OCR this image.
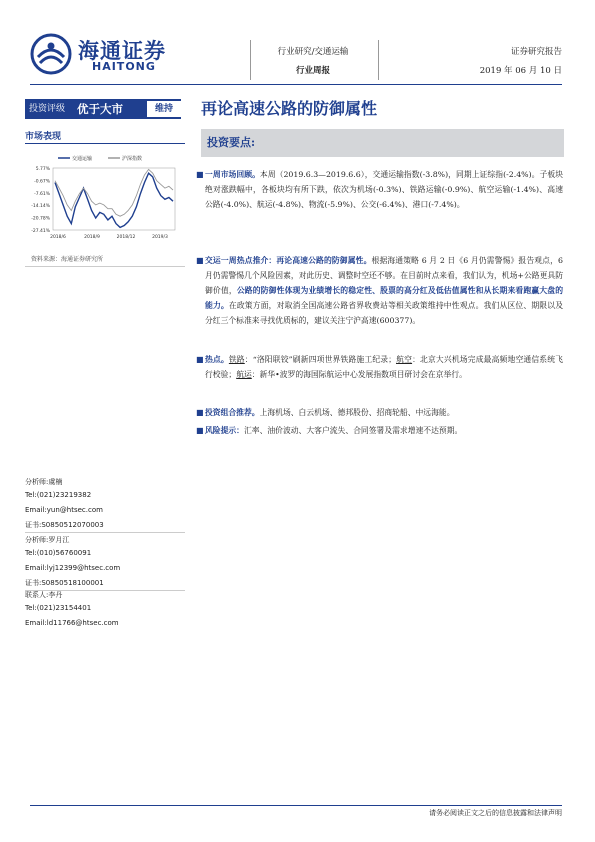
海通证券
HAITONG
行业研究/交通运输
行业周报
证券研究报告
2019 年 06 月 10 日
投资评级 优于大市	维持	再论高速公路的防御属性
投资要点:
市场表现
5.77%
-0.67%
-7.61%
-14.14%
-20.78%
-27.41%
2018/6	2018/9	2018/12	2019/3
交通运输	沪深指数
资料来源：海通证券研究所
■ 一周市场回顾。本周（2019.6.3—2019.6.6），交通运输指数(-3.8%)，同期上证综指(-2.4%)。子板块绝对涨跌幅中，各板块均有所下跌，依次为机场(-0.3%)、铁路运输(-0.9%)、航空运输(-1.4%)、高速公路(-4.0%)、航运(-4.8%)、物流(-5.9%)、公交(-6.4%)、港口(-7.4%)。
■ 交运一周热点推介：再论高速公路的防御属性。根据海通策略 6 月 2 日《6 月仍需警惕》报告观点，6 月仍需警惕几个风险因素，对此历史、调整时空还不够。在目前时点来看，我们认为，机场+公路更具防御价值，公路的防御性体现为业绩增长的稳定性、股票的高分红及低估值属性和从长期来看跑赢大盘的能力。在政策方面，对取消全国高速公路省界收费站等相关政策维持中性观点。我们从区位、期限以及分红三个标准来寻找优质标的，建议关注宁沪高速(600377)。
■ 热点。铁路：“洛阳联铰”刷新四项世界铁路施工纪录；航空：北京大兴机场完成最高频地空通信系统飞行校验；航运：新华•波罗的海国际航运中心发展指数项目研讨会在京举行。
■ 投资组合推荐。上海机场、白云机场、德邦股份、招商轮船、中远海能。
■ 风险提示：汇率、油价波动、大客户流失、合同签署及需求增速不达预期。
分析师:虞楠
Tel:(021)23219382
Email:yun@htsec.com
证书:S0850512070003
分析师:罗月江
Tel:(010)56760091
Email:lyj12399@htsec.com
证书:S0850518100001
联系人:李丹
Tel:(021)23154401
Email:ld11766@htsec.com
请务必阅读正文之后的信息披露和法律声明
